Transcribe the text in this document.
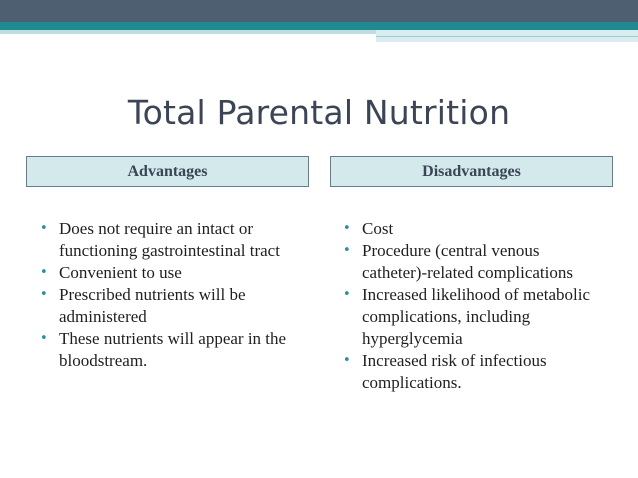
Total Parental Nutrition
Advantages	Disadvantages
• Does not require an intact or functioning gastrointestinal tract
• Convenient to use
• Prescribed nutrients will be administered
• These nutrients will appear in the bloodstream.
• Cost
• Procedure (central venous catheter)-related complications
• Increased likelihood of metabolic complications, including hyperglycemia
• Increased risk of infectious complications.
